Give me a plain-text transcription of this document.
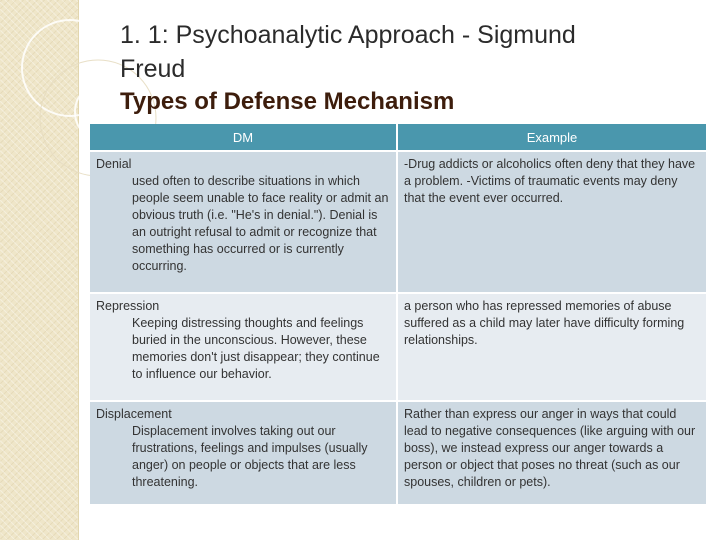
1. 1: Psychoanalytic Approach - Sigmund
Freud
Types of Defense Mechanism
DM	Example

Denial
used often to describe situations in which people seem unable to face reality or admit an obvious truth (i.e. "He's in denial."). Denial is an outright refusal to admit or recognize that something has occurred or is currently occurring.	-Drug addicts or alcoholics often deny that they have a problem. -Victims of traumatic events may deny that the event ever occurred.

Repression
Keeping distressing thoughts and feelings buried in the unconscious. However, these memories don't just disappear; they continue to influence our behavior.	a person who has repressed memories of abuse suffered as a child may later have difficulty forming relationships.

Displacement
Displacement involves taking out our frustrations, feelings and impulses (usually anger) on people or objects that are less threatening.	Rather than express our anger in ways that could lead to negative consequences (like arguing with our boss), we instead express our anger towards a person or object that poses no threat (such as our spouses, children or pets).
